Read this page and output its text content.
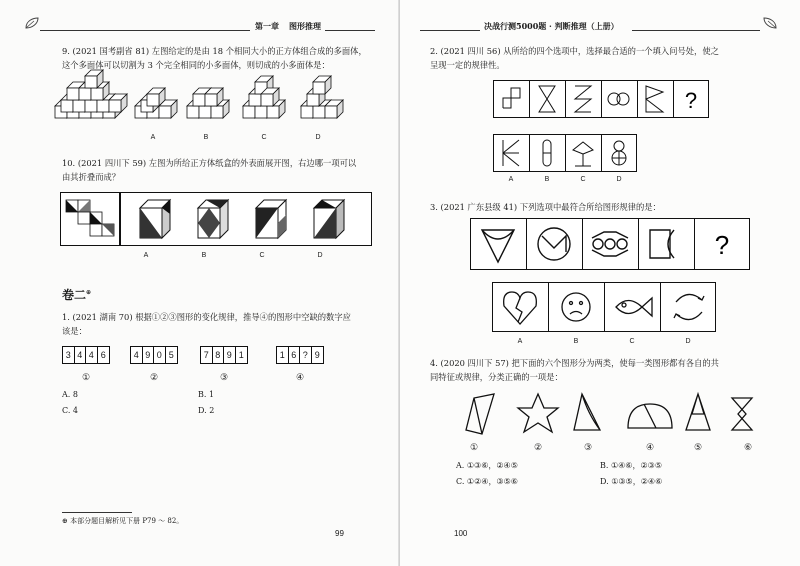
第一章 图形推理
9. (2021 国考副省 81) 左图给定的是由 18 个相同大小的正方体组合成的多面体，
这个多面体可以切割为 3 个完全相同的小多面体，则切成的小多面体是：
A	B	C	D
10. (2021 四川下 59) 左图为所给正方体纸盒的外表面展开图，右边哪一项可以
由其折叠而成？
A	B	C	D
卷二⊕
1. (2021 湖南 70) 根据①②③图形的变化规律，推导④的图形中空缺的数字应
该是：
3 4 4 6	4 9 0 5	7 8 9 1	1 6 ? 9
①	②	③	④
A. 8	B. 1
C. 4	D. 2
⊕ 本部分题目解析见下册 P79 ～ 82。
99
决战行测5000题 · 判断推理（上册）
2. (2021 四川 56) 从所给的四个选项中，选择最合适的一个填入问号处，使之
呈现一定的规律性。
?
A	B	C	D
3. (2021 广东县级 41) 下列选项中最符合所给图形规律的是：
?
A	B	C	D
4. (2020 四川下 57) 把下面的六个图形分为两类，使每一类图形都有各自的共
同特征或规律，分类正确的一项是：
①	②	③	④	⑤	⑥
A. ①③⑥，②④⑤	B. ①④⑥，②③⑤
C. ①②④，③⑤⑥	D. ①③⑤，②④⑥
100
